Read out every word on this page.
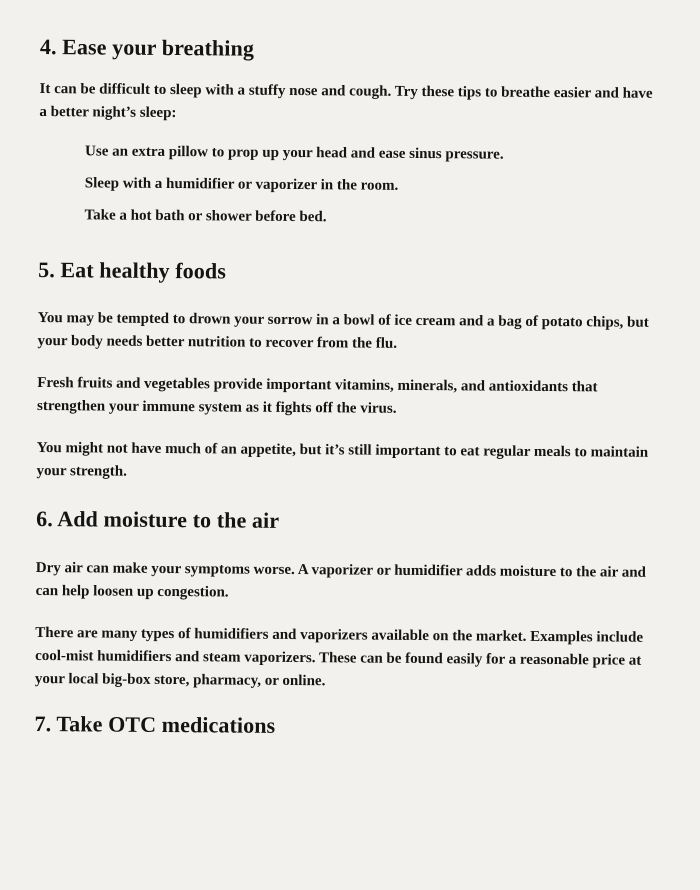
4. Ease your breathing

It can be difficult to sleep with a stuffy nose and cough. Try these tips to breathe easier and have a better night’s sleep:

Use an extra pillow to prop up your head and ease sinus pressure.

Sleep with a humidifier or vaporizer in the room.

Take a hot bath or shower before bed.

5. Eat healthy foods

You may be tempted to drown your sorrow in a bowl of ice cream and a bag of potato chips, but your body needs better nutrition to recover from the flu.

Fresh fruits and vegetables provide important vitamins, minerals, and antioxidants that strengthen your immune system as it fights off the virus.

You might not have much of an appetite, but it’s still important to eat regular meals to maintain your strength.

6. Add moisture to the air

Dry air can make your symptoms worse. A vaporizer or humidifier adds moisture to the air and can help loosen up congestion.

There are many types of humidifiers and vaporizers available on the market. Examples include cool-mist humidifiers and steam vaporizers. These can be found easily for a reasonable price at your local big-box store, pharmacy, or online.

7. Take OTC medications
